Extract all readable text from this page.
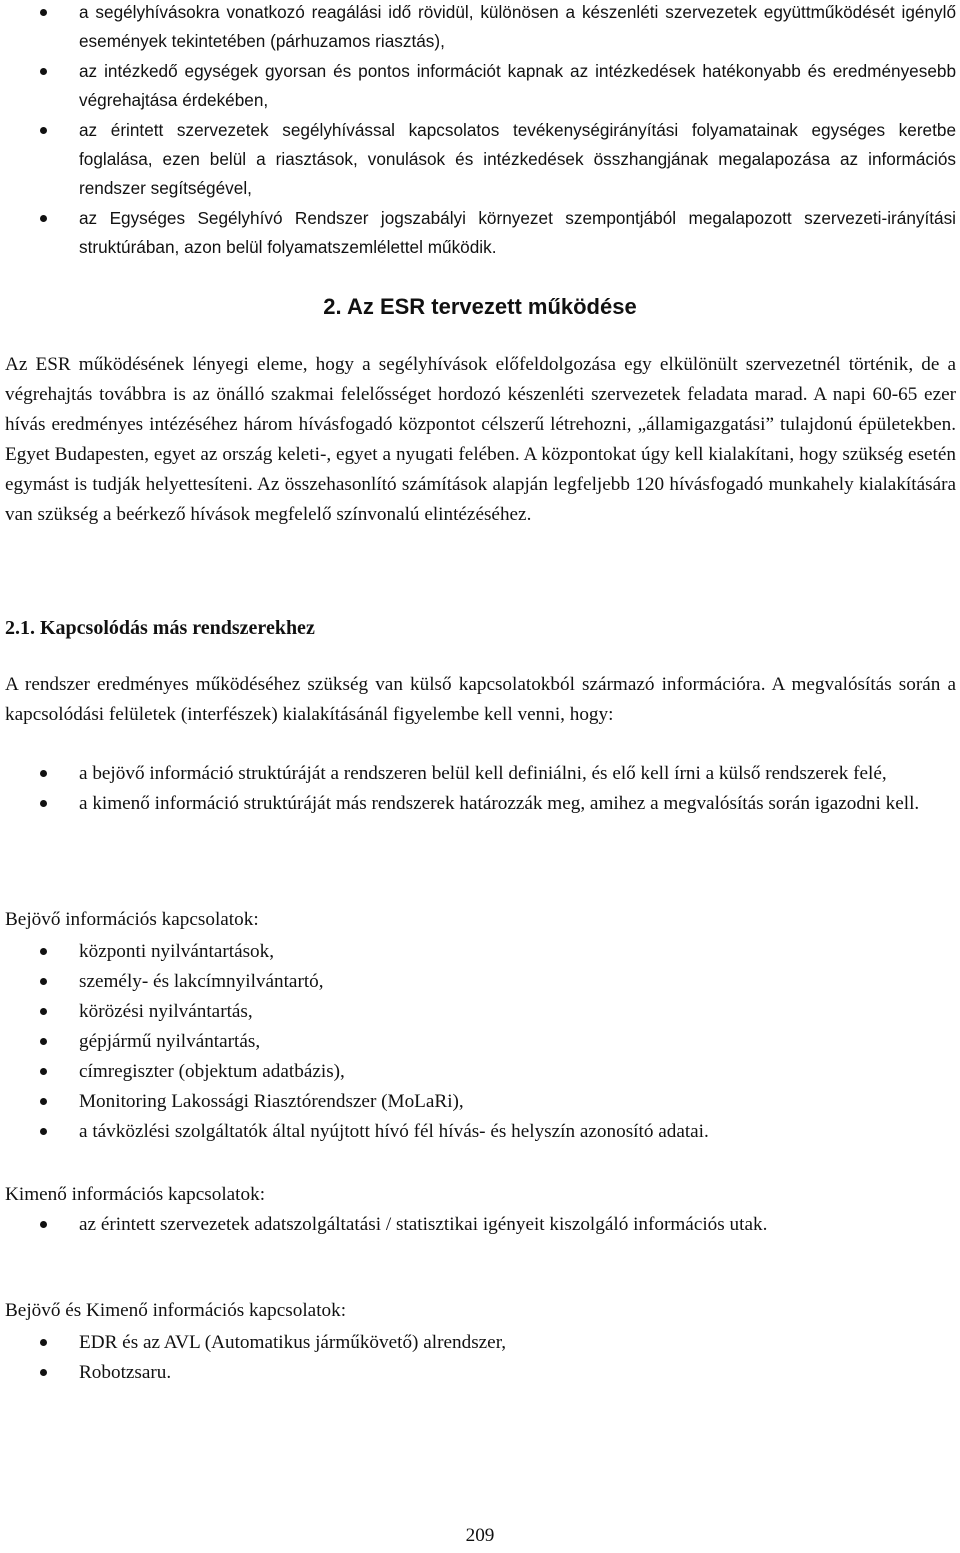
a segélyhívásokra vonatkozó reagálási idő rövidül, különösen a készenléti szervezetek együttműködését igénylő események tekintetében (párhuzamos riasztás),
az intézkedő egységek gyorsan és pontos információt kapnak az intézkedések hatékonyabb és eredményesebb végrehajtása érdekében,
az érintett szervezetek segélyhívással kapcsolatos tevékenységirányítási folyamatainak egységes keretbe foglalása, ezen belül a riasztások, vonulások és intézkedések összhangjának megalapozása az információs rendszer segítségével,
az Egységes Segélyhívó Rendszer jogszabályi környezet szempontjából megalapozott szervezeti-irányítási struktúrában, azon belül folyamatszemlélettel működik.
2. Az ESR tervezett működése

Az ESR működésének lényegi eleme, hogy a segélyhívások előfeldolgozása egy elkülönült szervezetnél történik, de a végrehajtás továbbra is az önálló szakmai felelősséget hordozó készenléti szervezetek feladata marad. A napi 60-65 ezer hívás eredményes intézéséhez három hívásfogadó központot célszerű létrehozni, „államigazgatási” tulajdonú épületekben. Egyet Budapesten, egyet az ország keleti-, egyet a nyugati felében. A központokat úgy kell kialakítani, hogy szükség esetén egymást is tudják helyettesíteni. Az összehasonlító számítások alapján legfeljebb 120 hívásfogadó munkahely kialakítására van szükség a beérkező hívások megfelelő színvonalú elintézéséhez.

2.1. Kapcsolódás más rendszerekhez

A rendszer eredményes működéséhez szükség van külső kapcsolatokból származó információra. A megvalósítás során a kapcsolódási felületek (interfészek) kialakításánál figyelembe kell venni, hogy:

a bejövő információ struktúráját a rendszeren belül kell definiálni, és elő kell írni a külső rendszerek felé,
a kimenő információ struktúráját más rendszerek határozzák meg, amihez a megvalósítás során igazodni kell.

Bejövő információs kapcsolatok:

központi nyilvántartások,
személy- és lakcímnyilvántartó,
körözési nyilvántartás,
gépjármű nyilvántartás,
címregiszter (objektum adatbázis),
Monitoring Lakossági Riasztórendszer (MoLaRi),
a távközlési szolgáltatók által nyújtott hívó fél hívás- és helyszín azonosító adatai.

Kimenő információs kapcsolatok:

az érintett szervezetek adatszolgáltatási / statisztikai igényeit kiszolgáló információs utak.

Bejövő és Kimenő információs kapcsolatok:

EDR és az AVL (Automatikus járműkövető) alrendszer,
Robotzsaru.
209
